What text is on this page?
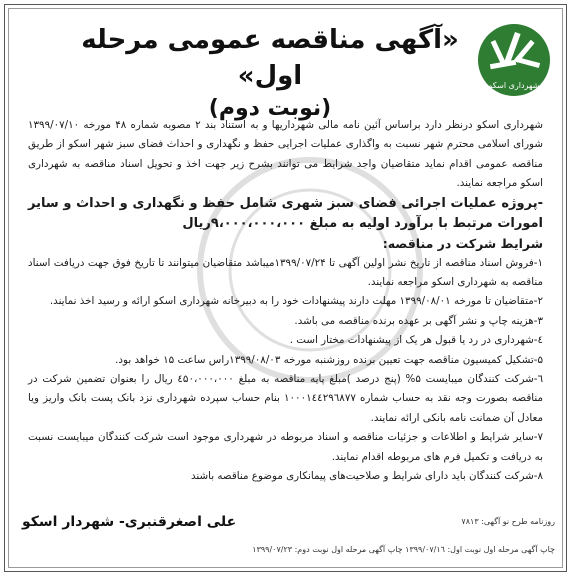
شهرداری اسکو
«آگهی مناقصه عمومی مرحله اول»
(نوبت دوم)

شهرداری اسکو درنظر دارد براساس آئین نامه مالی شهرداریها و به استناد بند ۲ مصوبه شماره ۴۸ مورخه ۱۳۹۹/۰۷/۱۰ شورای اسلامی محترم شهر نسبت به واگذاری عملیات اجرایی حفظ و نگهداری و احداث فضای سبز شهر اسکو از طریق مناقصه عمومی اقدام نماید متقاضیان واجد شرایط می توانند بشرح زیر جهت اخذ و تحویل اسناد مناقصه به شهرداری اسکو مراجعه نمایند.

-پروژه عملیات اجرائی فضای سبز شهری شامل حفظ و نگهداری و احداث و سایر امورات مرتبط با برآورد اولیه به مبلغ ۹،۰۰۰،۰۰۰،۰۰۰ریال

شرایط شرکت در مناقصه:

۱-فروش اسناد مناقصه از تاریخ نشر اولین آگهی تا ۱۳۹۹/۰۷/۲۴میباشد متقاضیان میتوانند تا تاریخ فوق جهت دریافت اسناد مناقصه به شهرداری اسکو مراجعه نمایند.

۲-متقاضیان تا مورخه ۱۳۹۹/۰۸/۰۱ مهلت دارند پیشنهادات خود را به دبیرخانه شهرداری اسکو ارائه و رسید اخذ نمایند.

۳-هزینه چاپ و نشر آگهی بر عهده برنده مناقصه می باشد.

٤-شهرداری در رد یا قبول هر یک از پیشنهادات مختار است .

۵-تشکیل کمیسیون مناقصه جهت تعیین برنده روزشنبه مورخه ۱۳۹۹/۰۸/۰۳راس ساعت ۱۵ خواهد بود.

٦-شرکت کنندگان میبایست ۵% (پنج درصد )مبلغ پایه مناقصه به مبلغ ٤۵۰،۰۰۰،۰۰۰ ریال را بعنوان تضمین شرکت در مناقصه بصورت وجه نقد به حساب شماره ۱۰۰۰۱٤٤۲۹٦۸۷۷ بنام حساب سپرده شهرداری نزد بانک پست بانک واریز ویا معادل آن ضمانت نامه بانکی ارائه نمایند.

۷-سایر شرایط و اطلاعات و جزئیات مناقصه و اسناد مربوطه در شهرداری موجود است شرکت کنندگان میبایست نسبت به دریافت و تکمیل فرم های مربوطه اقدام نمایند.

۸-شرکت کنندگان باید دارای شرایط و صلاحیت‌های پیمانکاری موضوع مناقصه باشند

روزنامه طرح نو آگهی: ۷۸۱۳
چاپ آگهی مرحله اول نوبت اول: ۱۳۹۹/۰۷/۱٦ چاپ آگهی مرحله اول نوبت دوم: ۱۳۹۹/۰۷/۲۳
علی اصغرقنبری- شهردار اسکو
